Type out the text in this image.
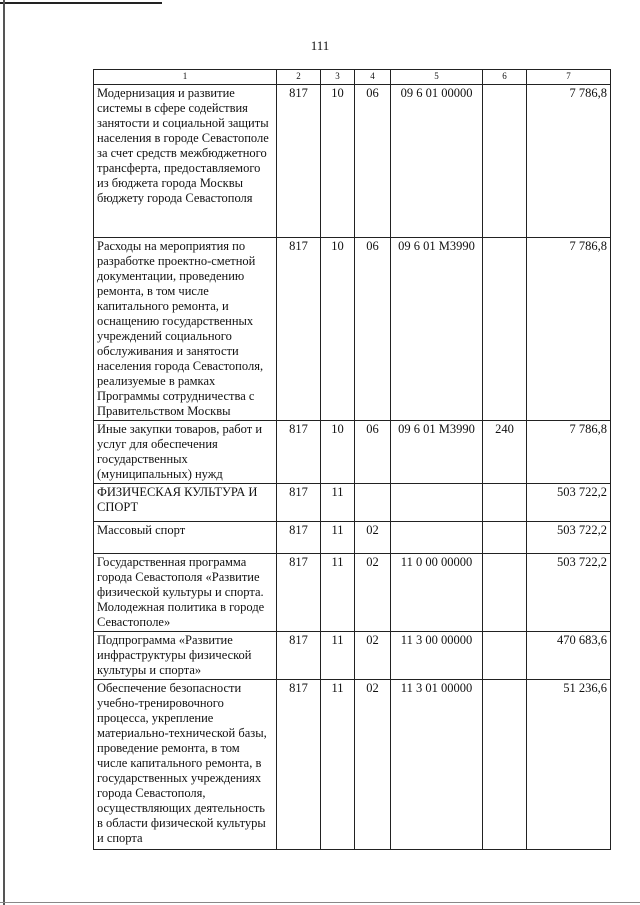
111
1	2	3	4	5	6	7
Модернизация и развитие системы в сфере содействия занятости и социальной защиты населения в городе Севастополе за счет средств межбюджетного трансферта, предоставляемого из бюджета города Москвы бюджету города Севастополя	817	10	06	09 6 01 00000		7 786,8
Расходы на мероприятия по разработке проектно-сметной документации, проведению ремонта, в том числе капитального ремонта, и оснащению государственных учреждений социального обслуживания и занятости населения города Севастополя, реализуемые в рамках Программы сотрудничества с Правительством Москвы	817	10	06	09 6 01 М3990		7 786,8
Иные закупки товаров, работ и услуг для обеспечения государственных (муниципальных) нужд	817	10	06	09 6 01 М3990	240	7 786,8
ФИЗИЧЕСКАЯ КУЛЬТУРА И СПОРТ	817	11				503 722,2
Массовый спорт	817	11	02			503 722,2
Государственная программа города Севастополя «Развитие физической культуры и спорта. Молодежная политика в городе Севастополе»	817	11	02	11 0 00 00000		503 722,2
Подпрограмма «Развитие инфраструктуры физической культуры и спорта»	817	11	02	11 3 00 00000		470 683,6
Обеспечение безопасности учебно-тренировочного процесса, укрепление материально-технической базы, проведение ремонта, в том числе капитального ремонта, в государственных учреждениях города Севастополя, осуществляющих деятельность в области физической культуры и спорта	817	11	02	11 3 01 00000		51 236,6
